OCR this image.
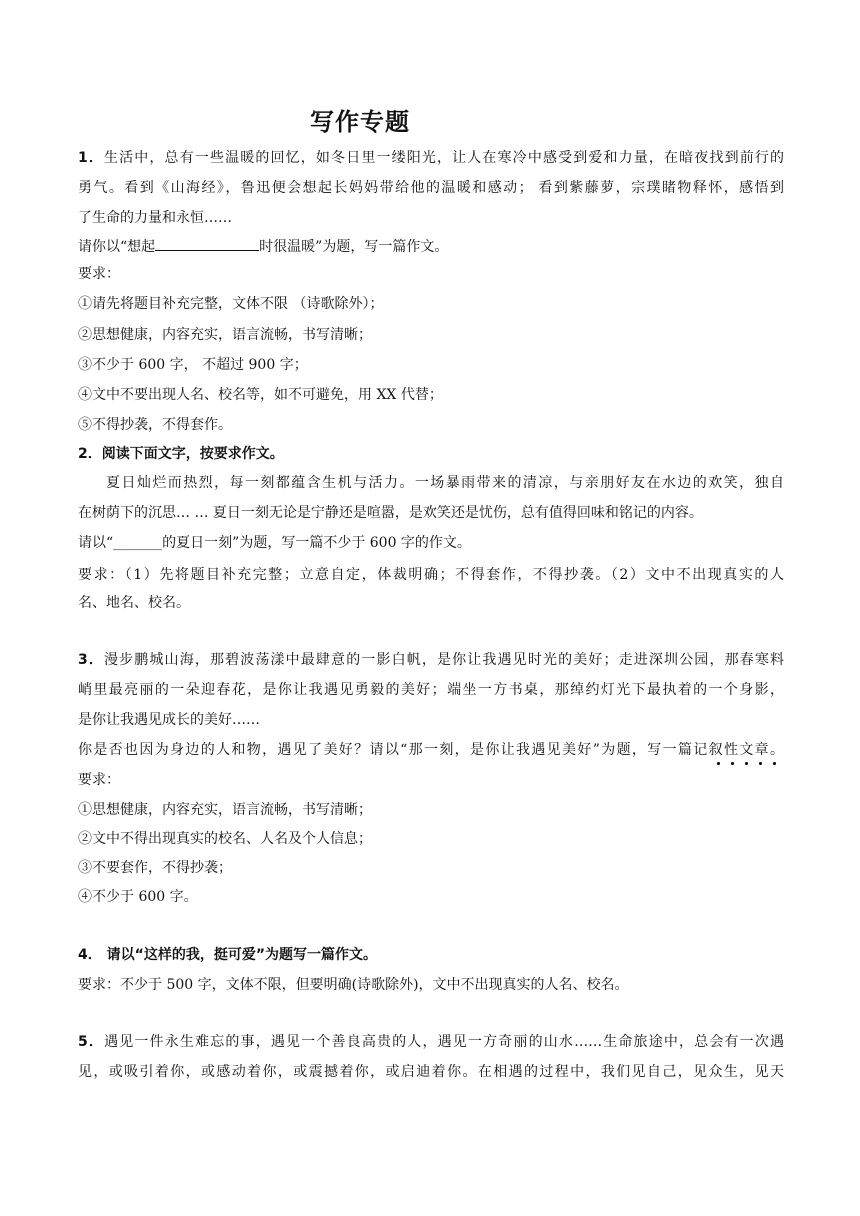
写作专题
1．生活中，总有一些温暖的回忆，如冬日里一缕阳光，让人在寒冷中感受到爱和力量，在暗夜找到前行的
勇气。看到《山海经》，鲁迅便会想起长妈妈带给他的温暖和感动； 看到紫藤萝，宗璞睹物释怀，感悟到
了生命的力量和永恒……
请你以“想起	时很温暖”为题，写一篇作文。
要求：
①请先将题目补充完整，文体不限 （诗歌除外）；
②思想健康，内容充实，语言流畅，书写清晰；
③不少于 600 字， 不超过 900 字；
④文中不要出现人名、校名等，如不可避免，用 XX 代替；
⑤不得抄袭，不得套作。
2．阅读下面文字，按要求作文。
夏日灿烂而热烈，每一刻都蕴含生机与活力。一场暴雨带来的清凉，与亲朋好友在水边的欢笑，独自
在树荫下的沉思… … 夏日一刻无论是宁静还是喧嚣，是欢笑还是忧伤，总有值得回味和铭记的内容。
请以“_______的夏日一刻”为题，写一篇不少于 600 字的作文。
要求：（1）先将题目补充完整；立意自定，体裁明确；不得套作，不得抄袭。（2）文中不出现真实的人
名、地名、校名。
3．漫步鹏城山海，那碧波荡漾中最肆意的一影白帆，是你让我遇见时光的美好；走进深圳公园，那春寒料
峭里最亮丽的一朵迎春花，是你让我遇见勇毅的美好；端坐一方书桌，那绰约灯光下最执着的一个身影，
是你让我遇见成长的美好……
你是否也因为身边的人和物，遇见了美好？请以“那一刻，是你让我遇见美好”为题，写一篇记叙性文章。
要求：
①思想健康，内容充实，语言流畅，书写清晰；
②文中不得出现真实的校名、人名及个人信息；
③不要套作，不得抄袭；
④不少于 600 字。
4． 请以“这样的我，挺可爱”为题写一篇作文。
要求：不少于 500 字，文体不限，但要明确(诗歌除外)，文中不出现真实的人名、校名。
5．遇见一件永生难忘的事，遇见一个善良高贵的人，遇见一方奇丽的山水……生命旅途中，总会有一次遇
见，或吸引着你，或感动着你，或震撼着你，或启迪着你。在相遇的过程中，我们见自己，见众生，见天
